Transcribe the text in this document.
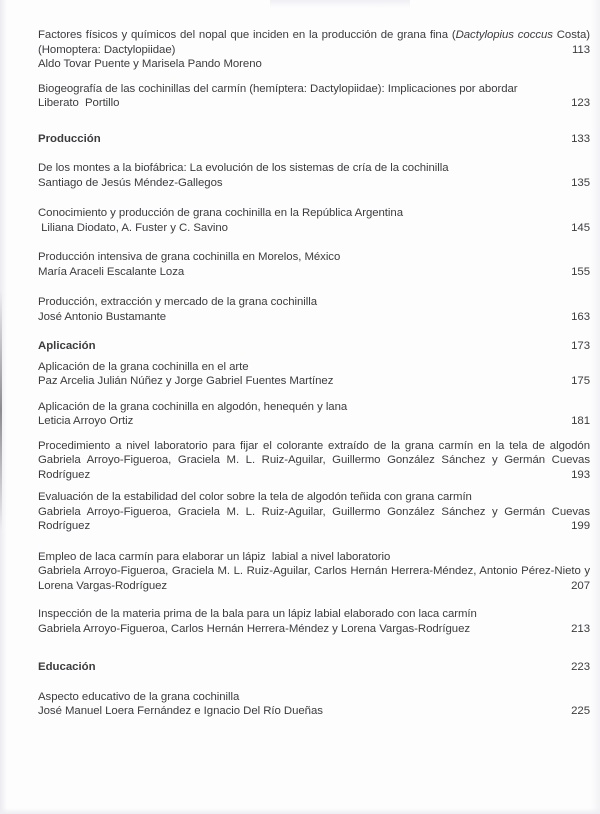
Factores físicos y químicos del nopal que inciden en la producción de grana fina (Dactylopius coccus Costa)
(Homoptera: Dactylopiidae)	113
Aldo Tovar Puente y Marisela Pando Moreno
Biogeografía de las cochinillas del carmín (hemíptera: Dactylopiidae): Implicaciones por abordar
Liberato  Portillo	123
Producción	133
De los montes a la biofábrica: La evolución de los sistemas de cría de la cochinilla
Santiago de Jesús Méndez-Gallegos	135
Conocimiento y producción de grana cochinilla en la República Argentina
Liliana Diodato, A. Fuster y C. Savino	145
Producción intensiva de grana cochinilla en Morelos, México
María Araceli Escalante Loza	155
Producción, extracción y mercado de la grana cochinilla
José Antonio Bustamante	163
Aplicación	173
Aplicación de la grana cochinilla en el arte
Paz Arcelia Julián Núñez y Jorge Gabriel Fuentes Martínez	175
Aplicación de la grana cochinilla en algodón, henequén y lana
Leticia Arroyo Ortiz	181
Procedimiento a nivel laboratorio para fijar el colorante extraído de la grana carmín en la tela de algodón
Gabriela Arroyo-Figueroa, Graciela M. L. Ruiz-Aguilar, Guillermo González Sánchez y Germán Cuevas
Rodríguez	193
Evaluación de la estabilidad del color sobre la tela de algodón teñida con grana carmín
Gabriela Arroyo-Figueroa, Graciela M. L. Ruiz-Aguilar, Guillermo González Sánchez y Germán Cuevas
Rodríguez	199
Empleo de laca carmín para elaborar un lápiz  labial a nivel laboratorio
Gabriela Arroyo-Figueroa, Graciela M. L. Ruiz-Aguilar, Carlos Hernán Herrera-Méndez, Antonio Pérez-Nieto y
Lorena Vargas-Rodríguez	207
Inspección de la materia prima de la bala para un lápiz labial elaborado con laca carmín
Gabriela Arroyo-Figueroa, Carlos Hernán Herrera-Méndez y Lorena Vargas-Rodríguez	213
Educación	223
Aspecto educativo de la grana cochinilla
José Manuel Loera Fernández e Ignacio Del Río Dueñas	225
